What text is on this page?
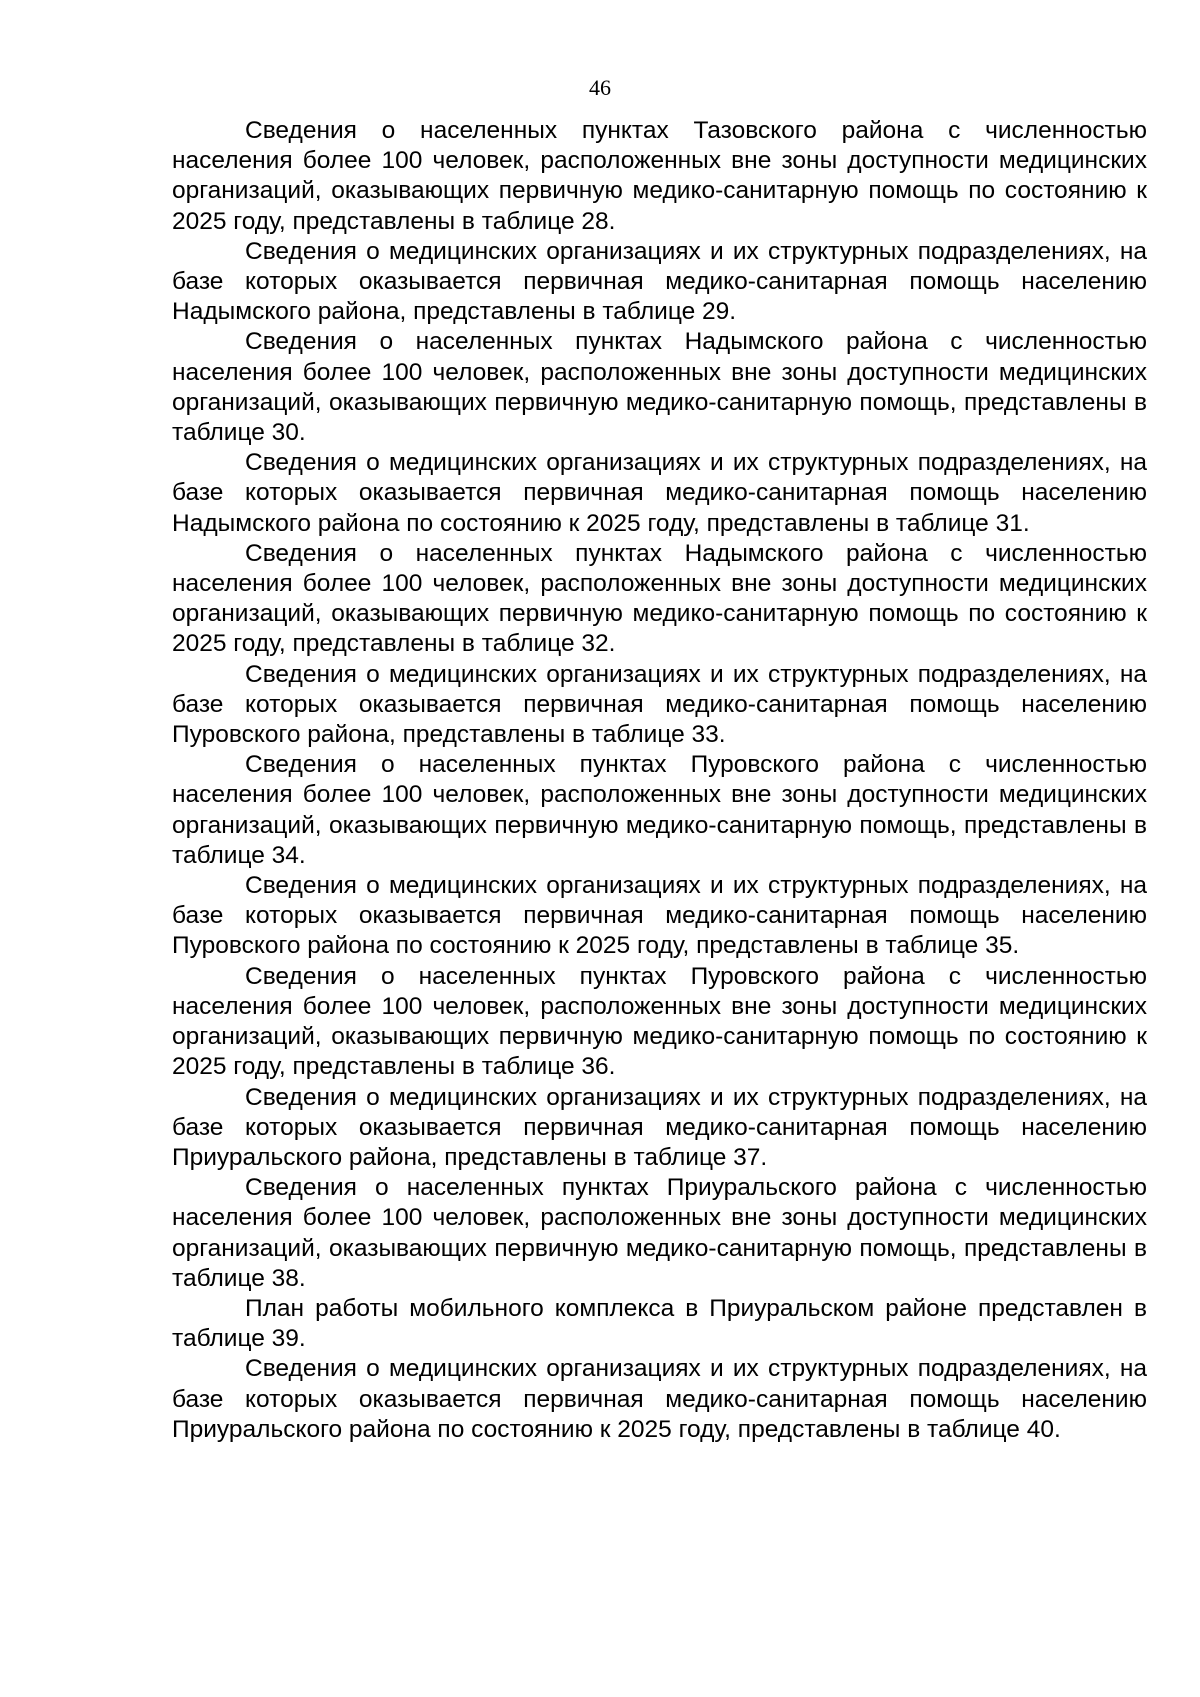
46

Сведения о населенных пунктах Тазовского района с численностью населения более 100 человек, расположенных вне зоны доступности медицинских организаций, оказывающих первичную медико-санитарную помощь по состоянию к 2025 году, представлены в таблице 28.

Сведения о медицинских организациях и их структурных подразделениях, на базе которых оказывается первичная медико-санитарная помощь населению Надымского района, представлены в таблице 29.

Сведения о населенных пунктах Надымского района с численностью населения более 100 человек, расположенных вне зоны доступности медицинских организаций, оказывающих первичную медико-санитарную помощь, представлены в таблице 30.

Сведения о медицинских организациях и их структурных подразделениях, на базе которых оказывается первичная медико-санитарная помощь населению Надымского района по состоянию к 2025 году, представлены в таблице 31.

Сведения о населенных пунктах Надымского района с численностью населения более 100 человек, расположенных вне зоны доступности медицинских организаций, оказывающих первичную медико-санитарную помощь по состоянию к 2025 году, представлены в таблице 32.

Сведения о медицинских организациях и их структурных подразделениях, на базе которых оказывается первичная медико-санитарная помощь населению Пуровского района, представлены в таблице 33.

Сведения о населенных пунктах Пуровского района с численностью населения более 100 человек, расположенных вне зоны доступности медицинских организаций, оказывающих первичную медико-санитарную помощь, представлены в таблице 34.

Сведения о медицинских организациях и их структурных подразделениях, на базе которых оказывается первичная медико-санитарная помощь населению Пуровского района по состоянию к 2025 году, представлены в таблице 35.

Сведения о населенных пунктах Пуровского района с численностью населения более 100 человек, расположенных вне зоны доступности медицинских организаций, оказывающих первичную медико-санитарную помощь по состоянию к 2025 году, представлены в таблице 36.

Сведения о медицинских организациях и их структурных подразделениях, на базе которых оказывается первичная медико-санитарная помощь населению Приуральского района, представлены в таблице 37.

Сведения о населенных пунктах Приуральского района с численностью населения более 100 человек, расположенных вне зоны доступности медицинских организаций, оказывающих первичную медико-санитарную помощь, представлены в таблице 38.

План работы мобильного комплекса в Приуральском районе представлен в таблице 39.

Сведения о медицинских организациях и их структурных подразделениях, на базе которых оказывается первичная медико-санитарная помощь населению Приуральского района по состоянию к 2025 году, представлены в таблице 40.
